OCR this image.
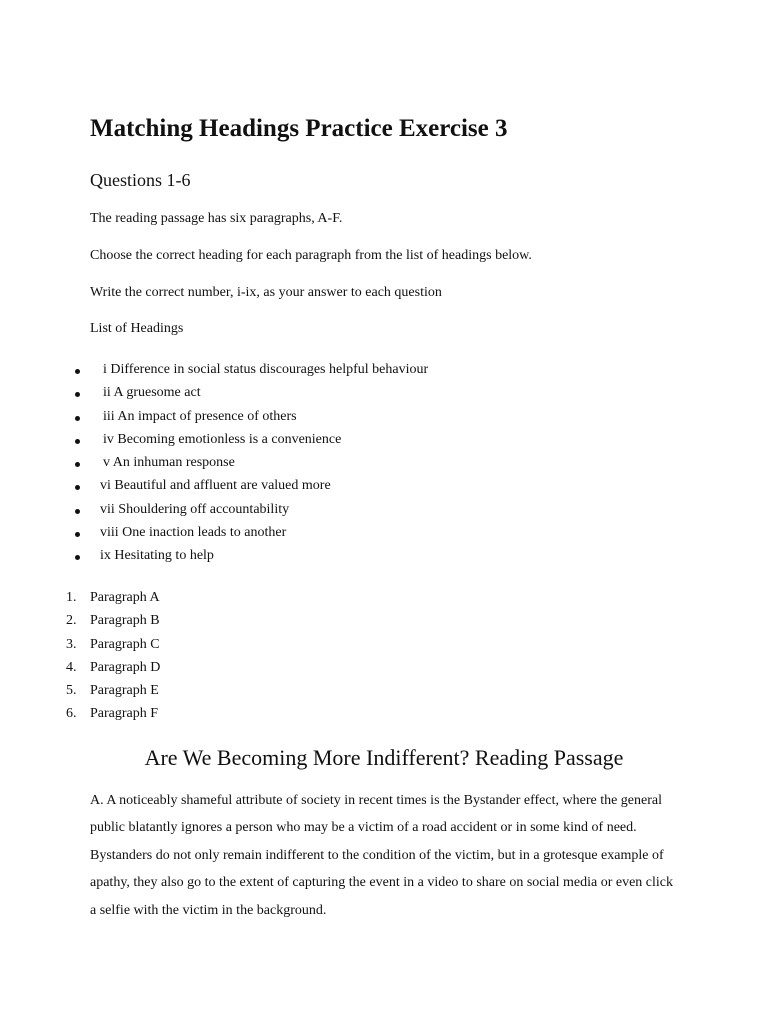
Matching Headings Practice Exercise 3
Questions 1-6

The reading passage has six paragraphs, A-F.

Choose the correct heading for each paragraph from the list of headings below.

Write the correct number, i-ix, as your answer to each question

List of Headings

i Difference in social status discourages helpful behaviour
ii A gruesome act
iii An impact of presence of others
iv Becoming emotionless is a convenience
v An inhuman response
vi Beautiful and affluent are valued more
vii Shouldering off accountability
viii One inaction leads to another
ix Hesitating to help
1. Paragraph A
2. Paragraph B
3. Paragraph C
4. Paragraph D
5. Paragraph E
6. Paragraph F
Are We Becoming More Indifferent? Reading Passage

A. A noticeably shameful attribute of society in recent times is the Bystander effect, where the general public blatantly ignores a person who may be a victim of a road accident or in some kind of need. Bystanders do not only remain indifferent to the condition of the victim, but in a grotesque example of apathy, they also go to the extent of capturing the event in a video to share on social media or even click a selfie with the victim in the background.
